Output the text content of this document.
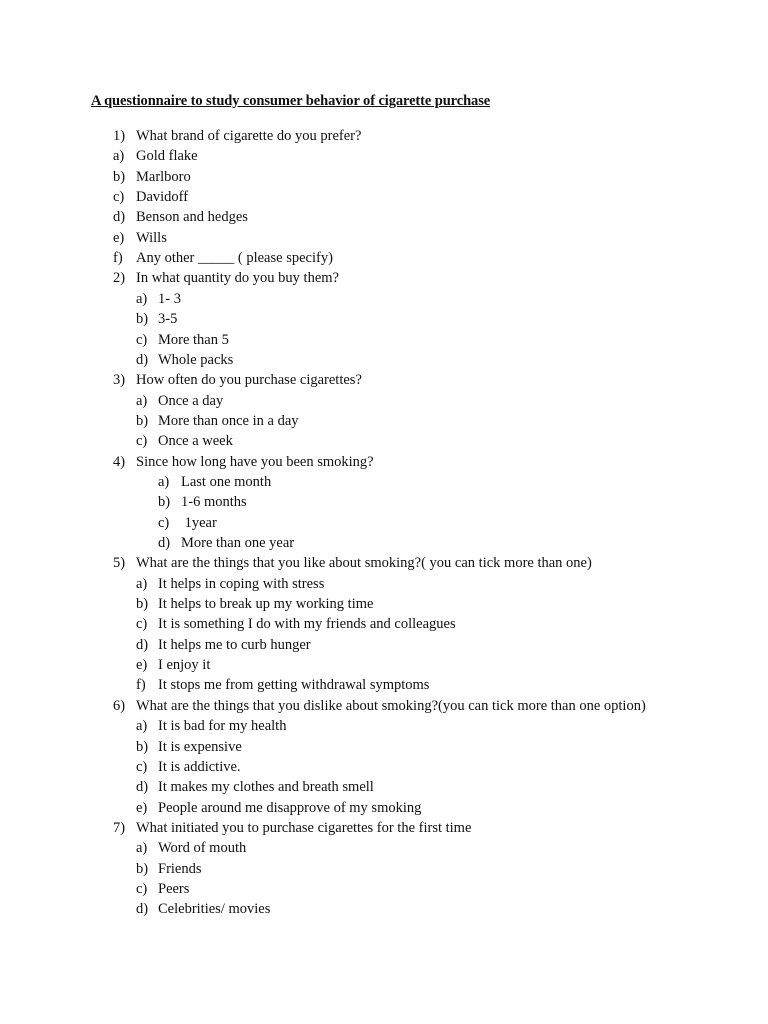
A questionnaire to study consumer behavior of cigarette purchase
1) What brand of cigarette do you prefer?
a) Gold flake
b) Marlboro
c) Davidoff
d) Benson and hedges
e) Wills
f) Any other _____ ( please specify)
2) In what quantity do you buy them?
a) 1- 3
b) 3-5
c) More than 5
d) Whole packs
3) How often do you purchase cigarettes?
a) Once a day
b) More than once in a day
c) Once a week
4) Since how long have you been smoking?
a) Last one month
b) 1-6 months
c) 1year
d) More than one year
5) What are the things that you like about smoking?( you can tick more than one)
a) It helps in coping with stress
b) It helps to break up my working time
c) It is something I do with my friends and colleagues
d) It helps me to curb hunger
e) I enjoy it
f) It stops me from getting withdrawal symptoms
6) What are the things that you dislike about smoking?(you can tick more than one option)
a) It is bad for my health
b) It is expensive
c) It is addictive.
d) It makes my clothes and breath smell
e) People around me disapprove of my smoking
7) What initiated you to purchase cigarettes for the first time
a) Word of mouth
b) Friends
c) Peers
d) Celebrities/ movies
